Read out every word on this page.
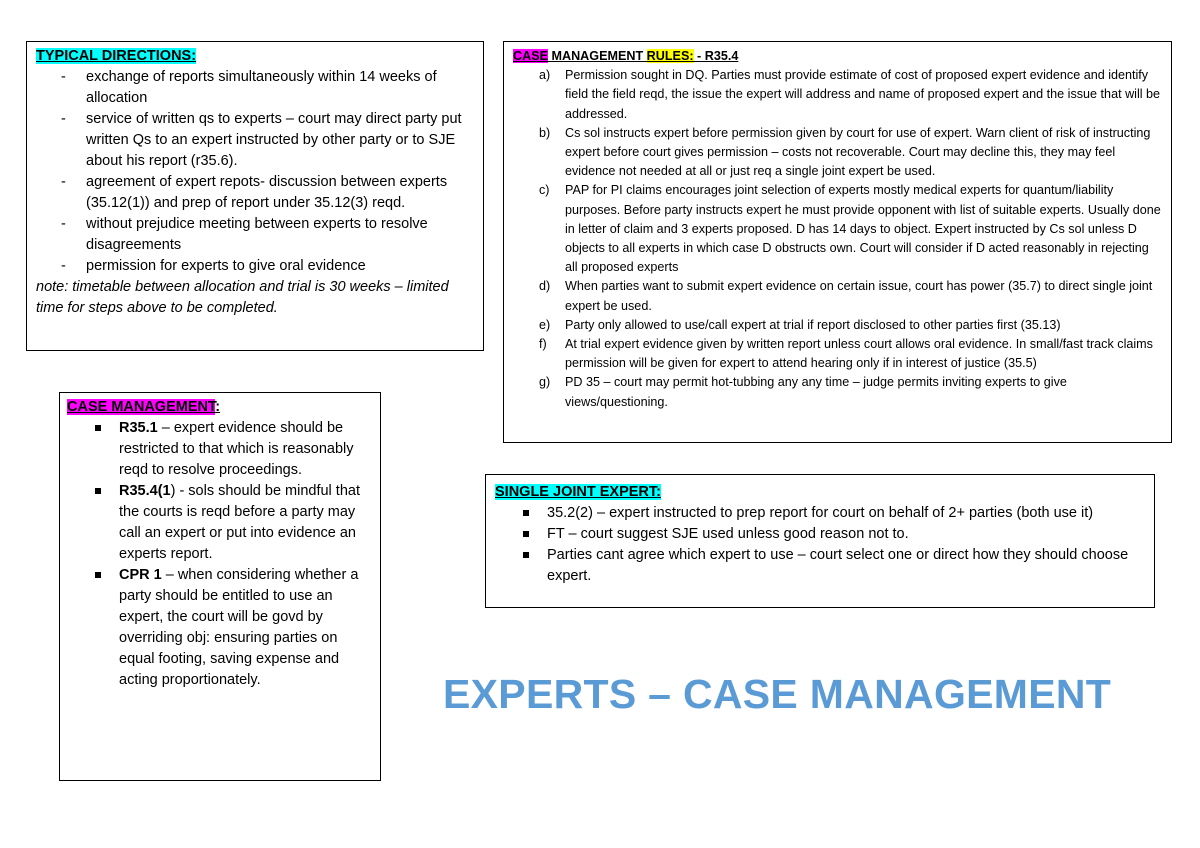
TYPICAL DIRECTIONS:
- exchange of reports simultaneously within 14 weeks of allocation
- service of written qs to experts – court may direct party put written Qs to an expert instructed by other party or to SJE about his report (r35.6).
- agreement of expert repots- discussion between experts (35.12(1)) and prep of report under 35.12(3) reqd.
- without prejudice meeting between experts to resolve disagreements
- permission for experts to give oral evidence
note: timetable between allocation and trial is 30 weeks – limited time for steps above to be completed.
CASE MANAGEMENT RULES: - R35.4
a) Permission sought in DQ. Parties must provide estimate of cost of proposed expert evidence and identify field the field reqd, the issue the expert will address and name of proposed expert and the issue that will be addressed.
b) Cs sol instructs expert before permission given by court for use of expert. Warn client of risk of instructing expert before court gives permission – costs not recoverable. Court may decline this, they may feel evidence not needed at all or just req a single joint expert be used.
c) PAP for PI claims encourages joint selection of experts mostly medical experts for quantum/liability purposes. Before party instructs expert he must provide opponent with list of suitable experts. Usually done in letter of claim and 3 experts proposed. D has 14 days to object. Expert instructed by Cs sol unless D objects to all experts in which case D obstructs own. Court will consider if D acted reasonably in rejecting all proposed experts
d) When parties want to submit expert evidence on certain issue, court has power (35.7) to direct single joint expert be used.
e) Party only allowed to use/call expert at trial if report disclosed to other parties first (35.13)
f) At trial expert evidence given by written report unless court allows oral evidence. In small/fast track claims permission will be given for expert to attend hearing only if in interest of justice (35.5)
g) PD 35 – court may permit hot-tubbing any any time – judge permits inviting experts to give views/questioning.
CASE MANAGEMENT:
R35.1 – expert evidence should be restricted to that which is reasonably reqd to resolve proceedings.
R35.4(1) - sols should be mindful that the courts is reqd before a party may call an expert or put into evidence an experts report.
CPR 1 – when considering whether a party should be entitled to use an expert, the court will be govd by overriding obj: ensuring parties on equal footing, saving expense and acting proportionately.
SINGLE JOINT EXPERT:
35.2(2) – expert instructed to prep report for court on behalf of 2+ parties (both use it)
FT – court suggest SJE used unless good reason not to.
Parties cant agree which expert to use – court select one or direct how they should choose expert.
EXPERTS – CASE MANAGEMENT
